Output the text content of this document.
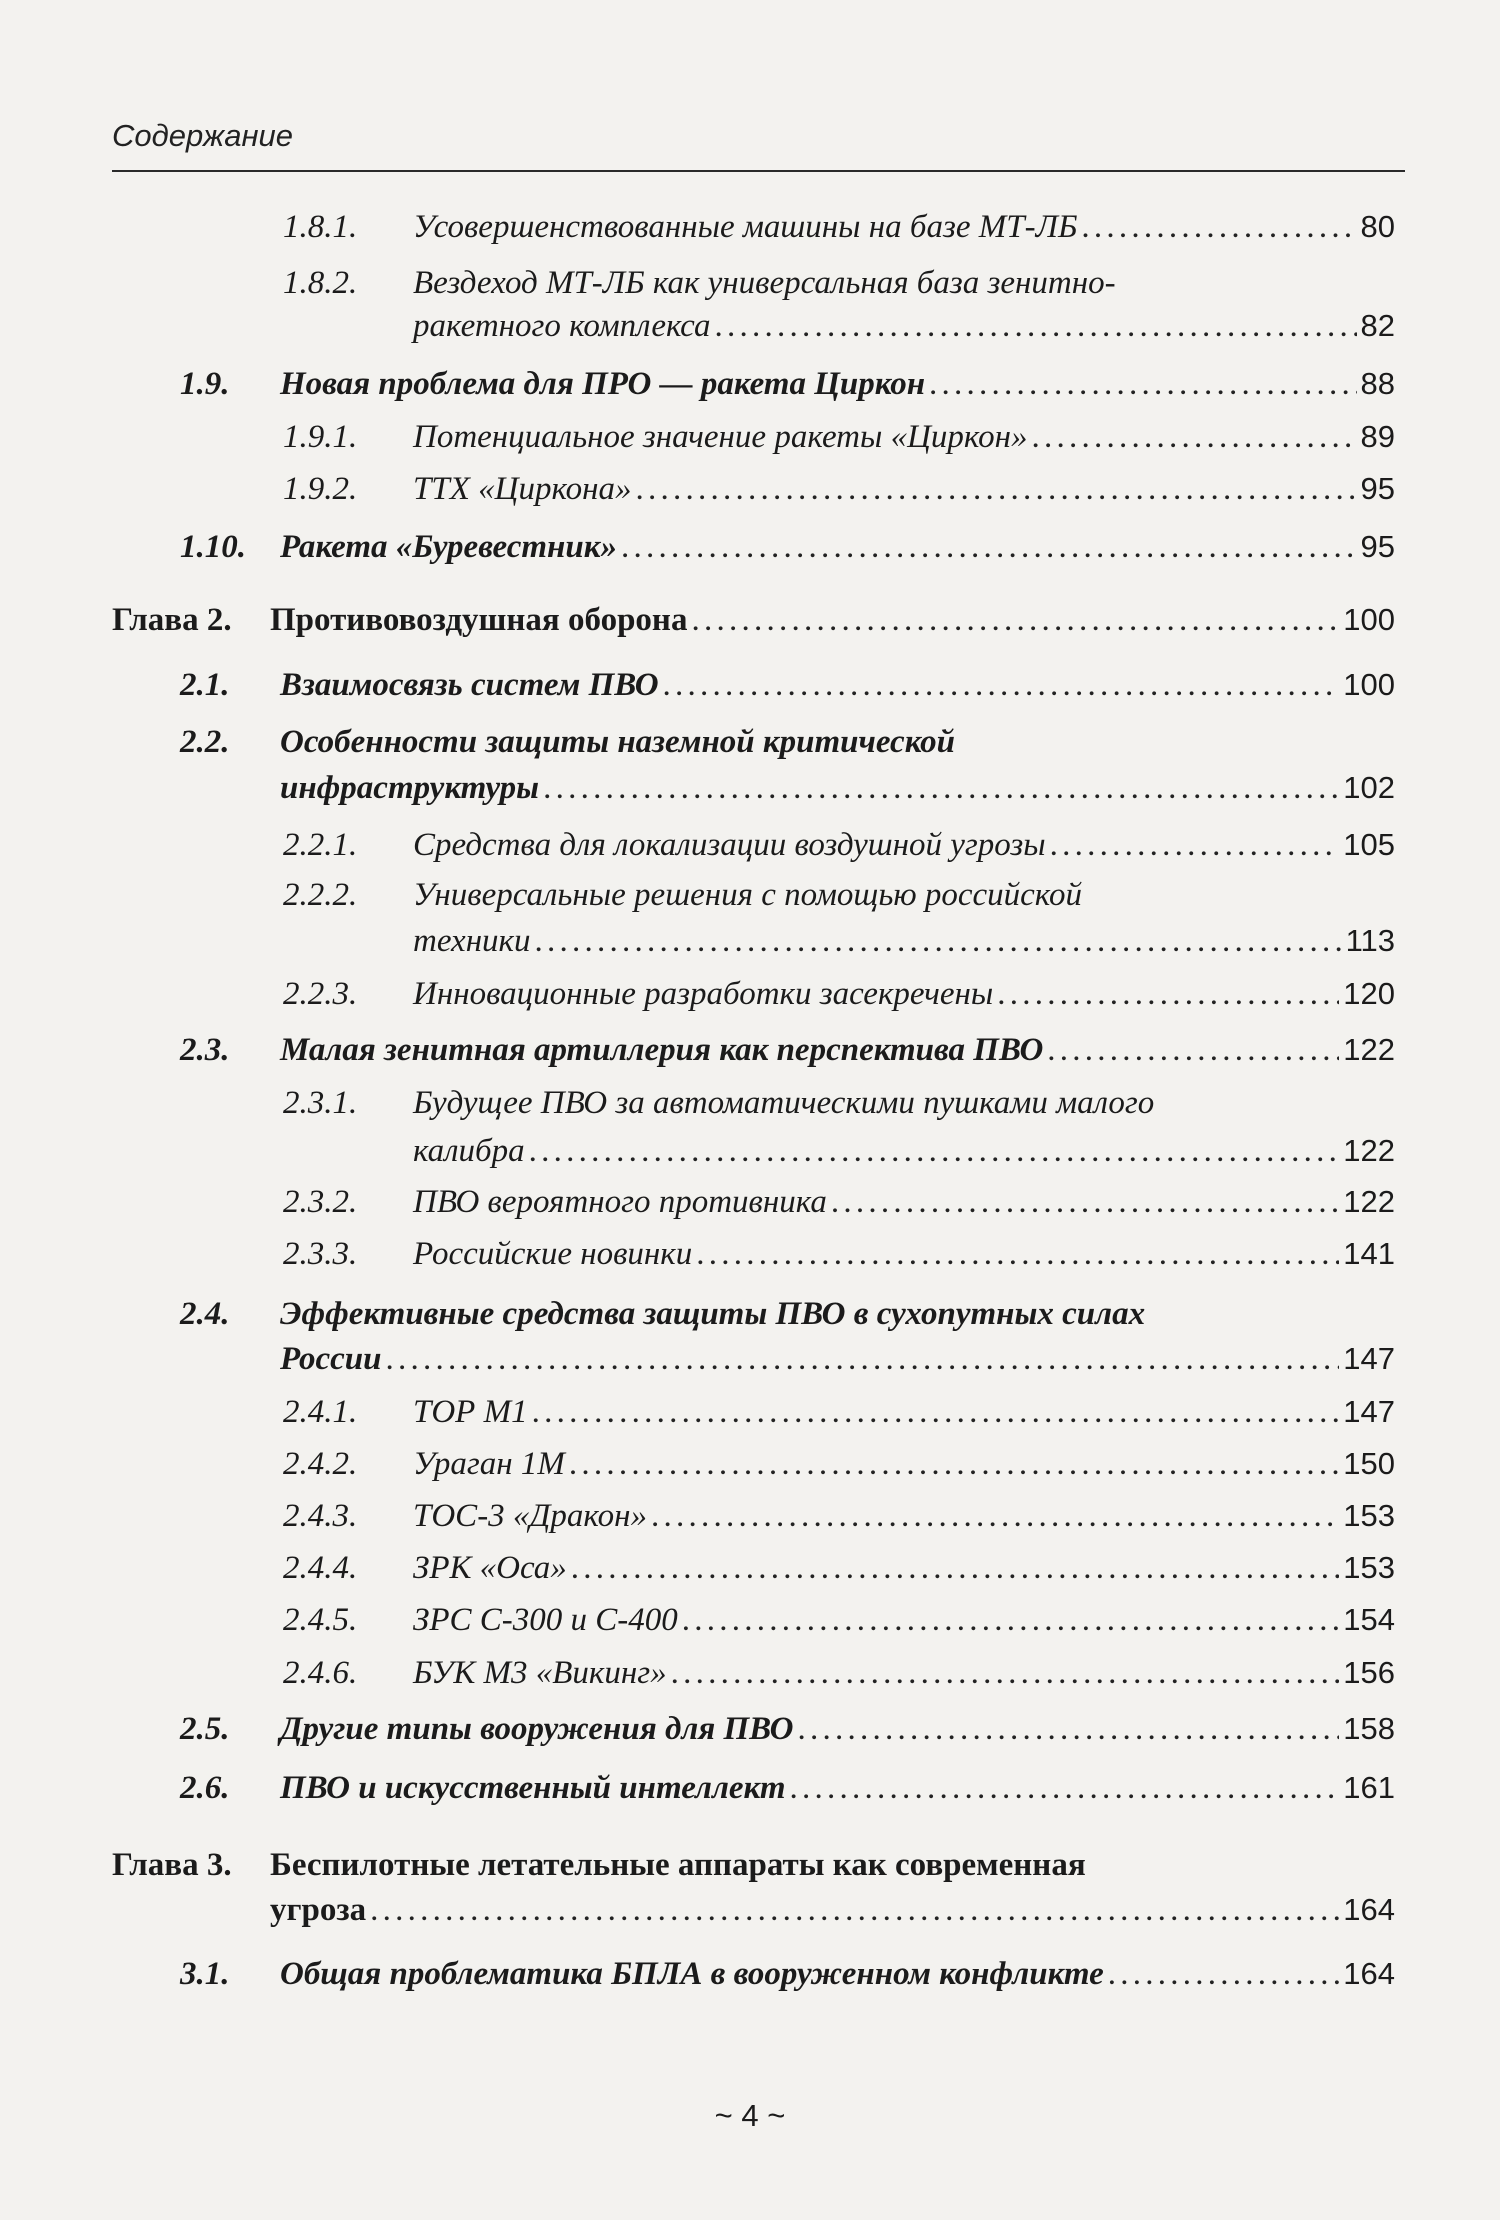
Содержание
1.8.1. Усовершенствованные машины на базе МТ-ЛБ . . .	80
1.8.2. Вездеход МТ-ЛБ как универсальная база зенитно-
ракетного комплекса . . .	82
1.9. Новая проблема для ПРО — ракета Циркон . . .	88
1.9.1. Потенциальное значение ракеты «Циркон» . . .	89
1.9.2. ТТХ «Циркона» . . .	95
1.10. Ракета «Буревестник» . . .	95
Глава 2. Противовоздушная оборона . . .	100
2.1. Взаимосвязь систем ПВО . . .	100
2.2. Особенности защиты наземной критической
инфраструктуры . . .	102
2.2.1. Средства для локализации воздушной угрозы . . .	105
2.2.2. Универсальные решения с помощью российской
техники . . .	113
2.2.3. Инновационные разработки засекречены . . .	120
2.3. Малая зенитная артиллерия как перспектива ПВО . . .	122
2.3.1. Будущее ПВО за автоматическими пушками малого
калибра . . .	122
2.3.2. ПВО вероятного противника . . .	122
2.3.3. Российские новинки . . .	141
2.4. Эффективные средства защиты ПВО в сухопутных силах
России . . .	147
2.4.1. ТОР М1 . . .	147
2.4.2. Ураган 1М . . .	150
2.4.3. ТОС-3 «Дракон» . . .	153
2.4.4. ЗРК «Оса» . . .	153
2.4.5. ЗРС С-300 и С-400 . . .	154
2.4.6. БУК М3 «Викинг» . . .	156
2.5. Другие типы вооружения для ПВО . . .	158
2.6. ПВО и искусственный интеллект . . .	161
Глава 3. Беспилотные летательные аппараты как современная
угроза . . .	164
3.1. Общая проблематика БПЛА в вооруженном конфликте . . .	164
~ 4 ~
